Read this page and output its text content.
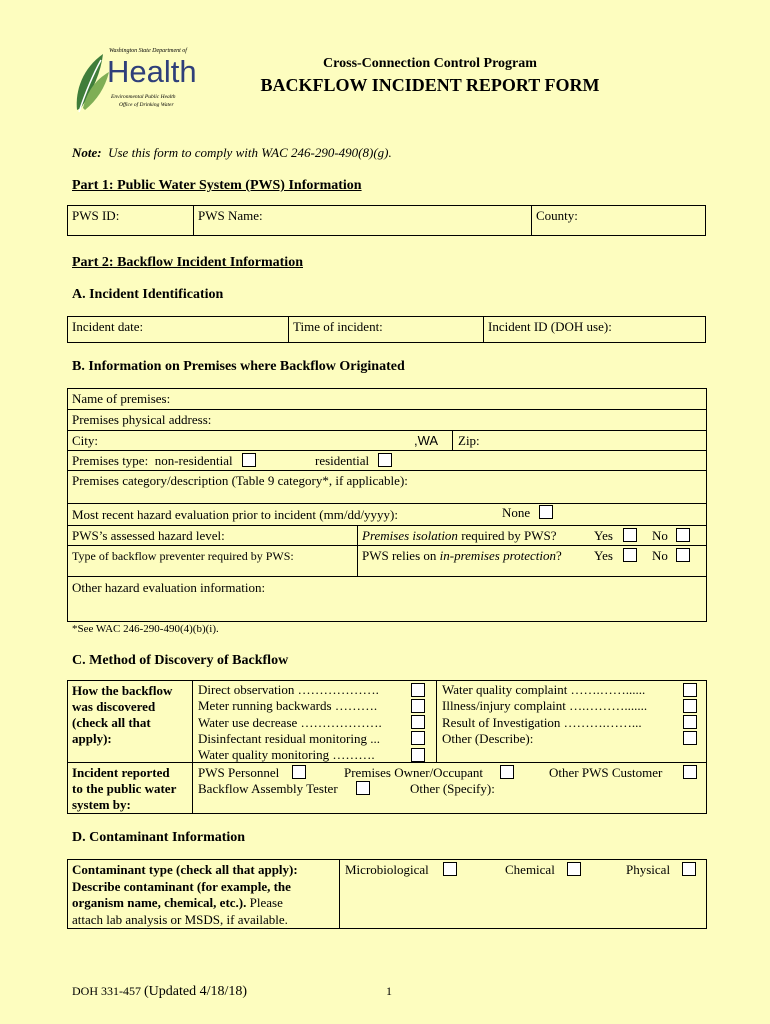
Washington State Department of
Health
Environmental Public Health
Office of Drinking Water
Cross-Connection Control Program
BACKFLOW INCIDENT REPORT FORM
Note: Use this form to comply with WAC 246-290-490(8)(g).
Part 1: Public Water System (PWS) Information
PWS ID:	PWS Name:	County:
Part 2: Backflow Incident Information
A. Incident Identification
Incident date:	Time of incident:	Incident ID (DOH use):
B. Information on Premises where Backflow Originated
Name of premises:
Premises physical address:
City:	,WA Zip:
Premises type: non-residential	residential
Premises category/description (Table 9 category*, if applicable):
Most recent hazard evaluation prior to incident (mm/dd/yyyy):	None
PWS’s assessed hazard level:	Premises isolation required by PWS?	Yes	No
Type of backflow preventer required by PWS:	PWS relies on in-premises protection? Yes	No
Other hazard evaluation information:
*See WAC 246-290-490(4)(b)(i).
C. Method of Discovery of Backflow
How the backflow
was discovered
(check all that
apply):
Direct observation ……………….
Meter running backwards ……….
Water use decrease ……………….
Disinfectant residual monitoring ...
Water quality monitoring ……….
Water quality complaint …….……......
Illness/injury complaint ….……….......
Result of Investigation ……….……...
Other (Describe):
Incident reported
to the public water
system by:
PWS Personnel	Premises Owner/Occupant	Other PWS Customer
Backflow Assembly Tester	Other (Specify):
D. Contaminant Information
Contaminant type (check all that apply):
Describe contaminant (for example, the
organism name, chemical, etc.). Please
attach lab analysis or MSDS, if available.
Microbiological	Chemical	Physical
DOH 331-457 (Updated 4/18/18)	1
